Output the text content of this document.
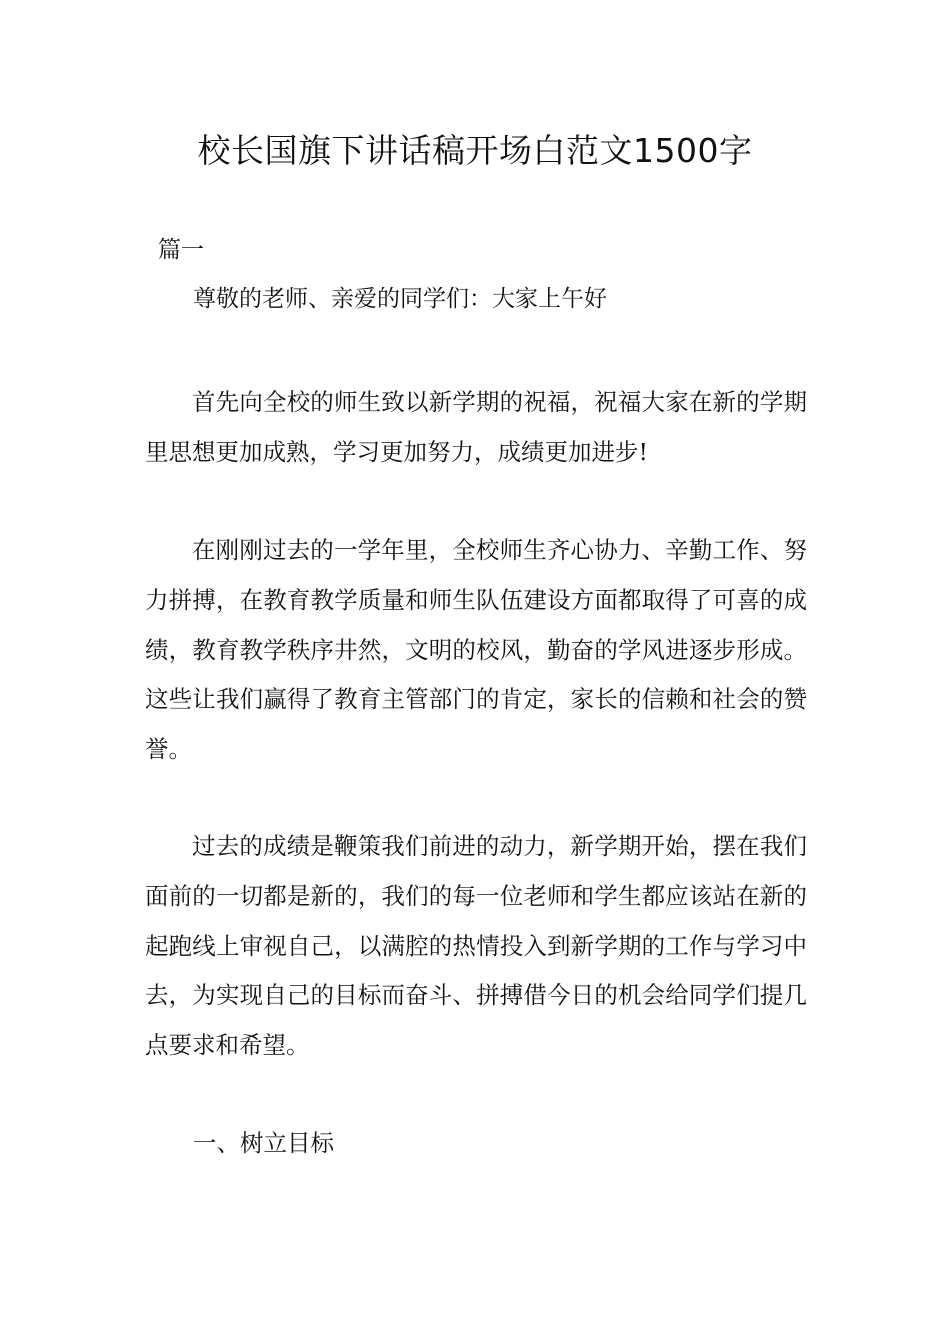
校长国旗下讲话稿开场白范文1500字

篇一

尊敬的老师、亲爱的同学们：大家上午好

首先向全校的师生致以新学期的祝福，祝福大家在新的学期里思想更加成熟，学习更加努力，成绩更加进步!

在刚刚过去的一学年里，全校师生齐心协力、辛勤工作、努力拼搏，在教育教学质量和师生队伍建设方面都取得了可喜的成绩，教育教学秩序井然，文明的校风，勤奋的学风进逐步形成。这些让我们赢得了教育主管部门的肯定，家长的信赖和社会的赞誉。

过去的成绩是鞭策我们前进的动力，新学期开始，摆在我们面前的一切都是新的，我们的每一位老师和学生都应该站在新的起跑线上审视自己，以满腔的热情投入到新学期的工作与学习中去，为实现自己的目标而奋斗、拼搏借今日的机会给同学们提几点要求和希望。

一、树立目标
